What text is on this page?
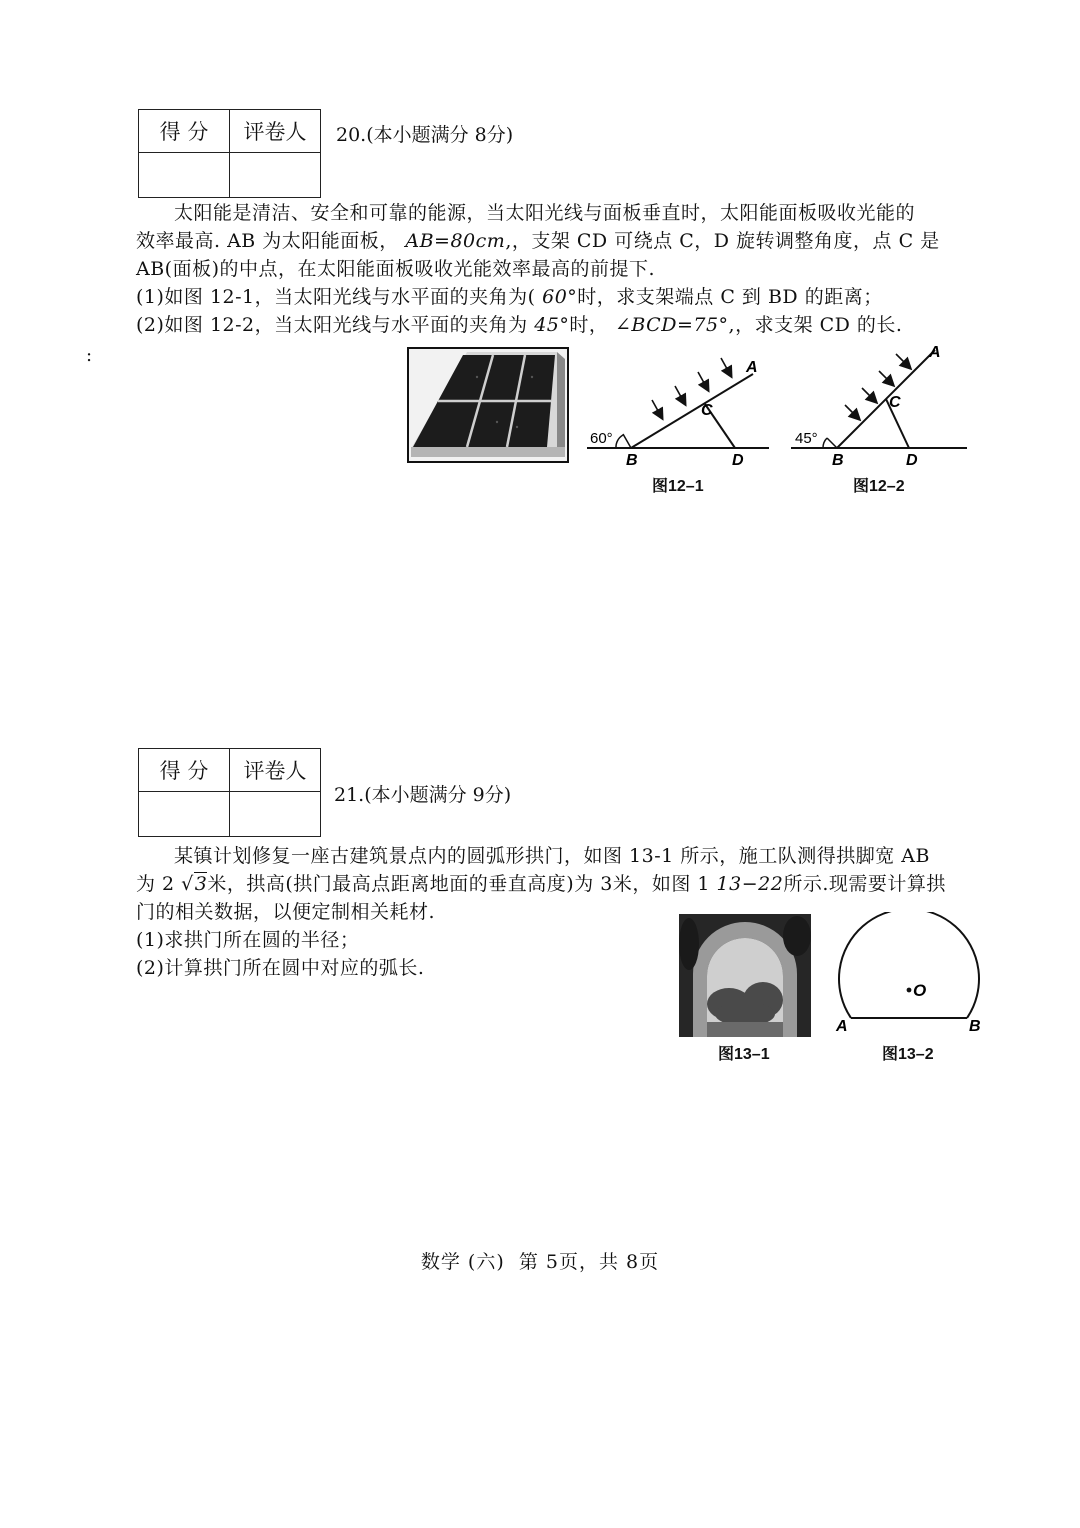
得 分	评卷人
	20.(本小题满分 8分)

太阳能是清洁、安全和可靠的能源，当太阳光线与面板垂直时，太阳能面板吸收光能的

效率最高. AB 为太阳能面板， AB=80cm,，支架 CD 可绕点 C，D 旋转调整角度，点 C 是

AB(面板)的中点，在太阳能面板吸收光能效率最高的前提下.

(1)如图 12-1，当太阳光线与水平面的夹角为( 60°时，求支架端点 C 到 BD 的距离；

(2)如图 12-2，当太阳光线与水平面的夹角为 45°时， ∠BCD=75°,，求支架 CD 的长.

:
60°
A
B
C
D
图12–1
45°
A
B
C
D
图12–2
得 分	评卷人

21.(本小题满分 9分)

某镇计划修复一座古建筑景点内的圆弧形拱门，如图 13-1 所示，施工队测得拱脚宽 AB

为 2 √3米，拱高(拱门最高点距离地面的垂直高度)为 3米，如图 1 13−22所示.现需要计算拱

门的相关数据，以便定制相关耗材.

(1)求拱门所在圆的半径；

(2)计算拱门所在圆中对应的弧长.

图13–1
O
A	B
图13–2
数学 (六)  第 5页，共 8页
